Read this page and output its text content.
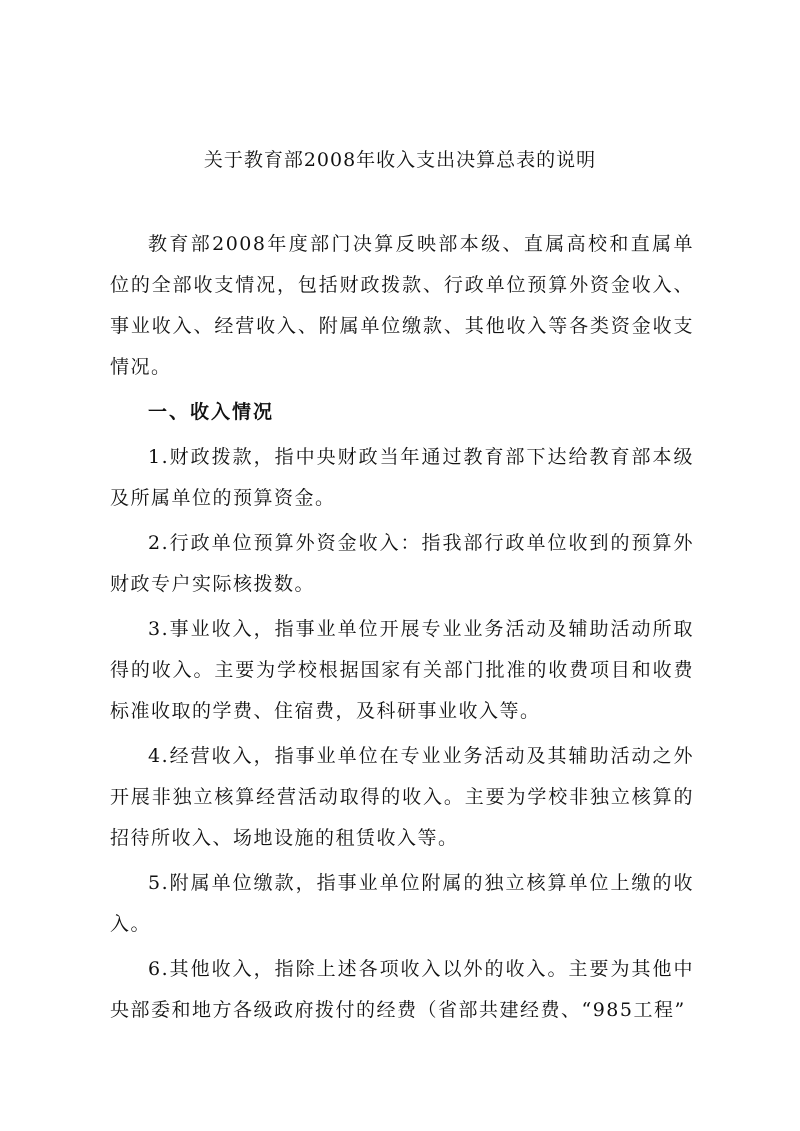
关于教育部2008年收入支出决算总表的说明

教育部2008年度部门决算反映部本级、直属高校和直属单位的全部收支情况，包括财政拨款、行政单位预算外资金收入、事业收入、经营收入、附属单位缴款、其他收入等各类资金收支情况。

一、收入情况

1.财政拨款，指中央财政当年通过教育部下达给教育部本级及所属单位的预算资金。

2.行政单位预算外资金收入：指我部行政单位收到的预算外财政专户实际核拨数。

3.事业收入，指事业单位开展专业业务活动及辅助活动所取得的收入。主要为学校根据国家有关部门批准的收费项目和收费标准收取的学费、住宿费，及科研事业收入等。

4.经营收入，指事业单位在专业业务活动及其辅助活动之外开展非独立核算经营活动取得的收入。主要为学校非独立核算的招待所收入、场地设施的租赁收入等。

5.附属单位缴款，指事业单位附属的独立核算单位上缴的收入。

6.其他收入，指除上述各项收入以外的收入。主要为其他中央部委和地方各级政府拨付的经费（省部共建经费、“985工程”
